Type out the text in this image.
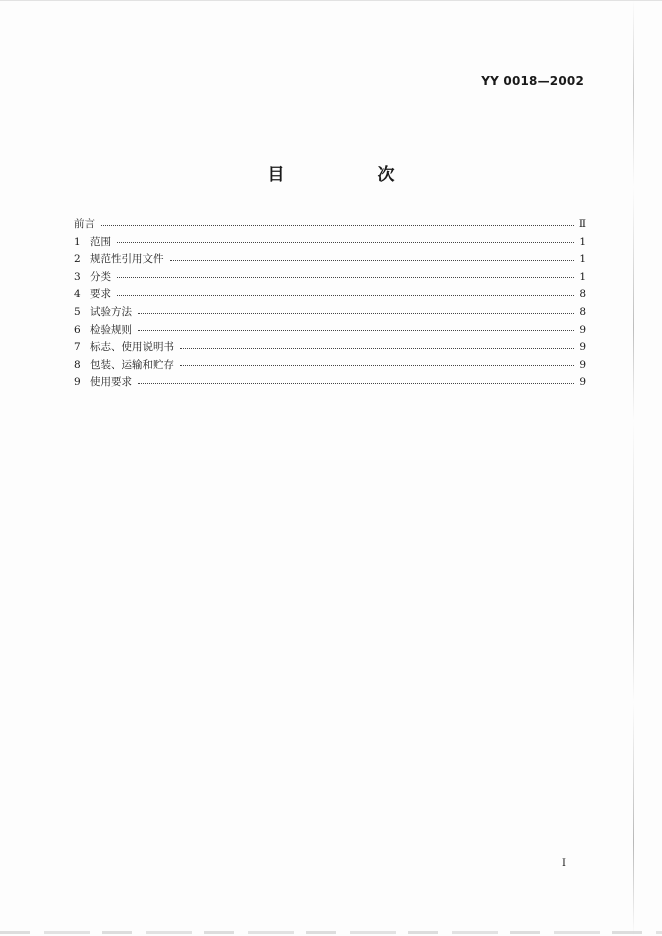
YY 0018—2002
目　次
前言	Ⅱ
1 范围	1
2 规范性引用文件	1
3 分类	1
4 要求	8
5 试验方法	8
6 检验规则	9
7 标志、使用说明书	9
8 包装、运输和贮存	9
9 使用要求	9
I
